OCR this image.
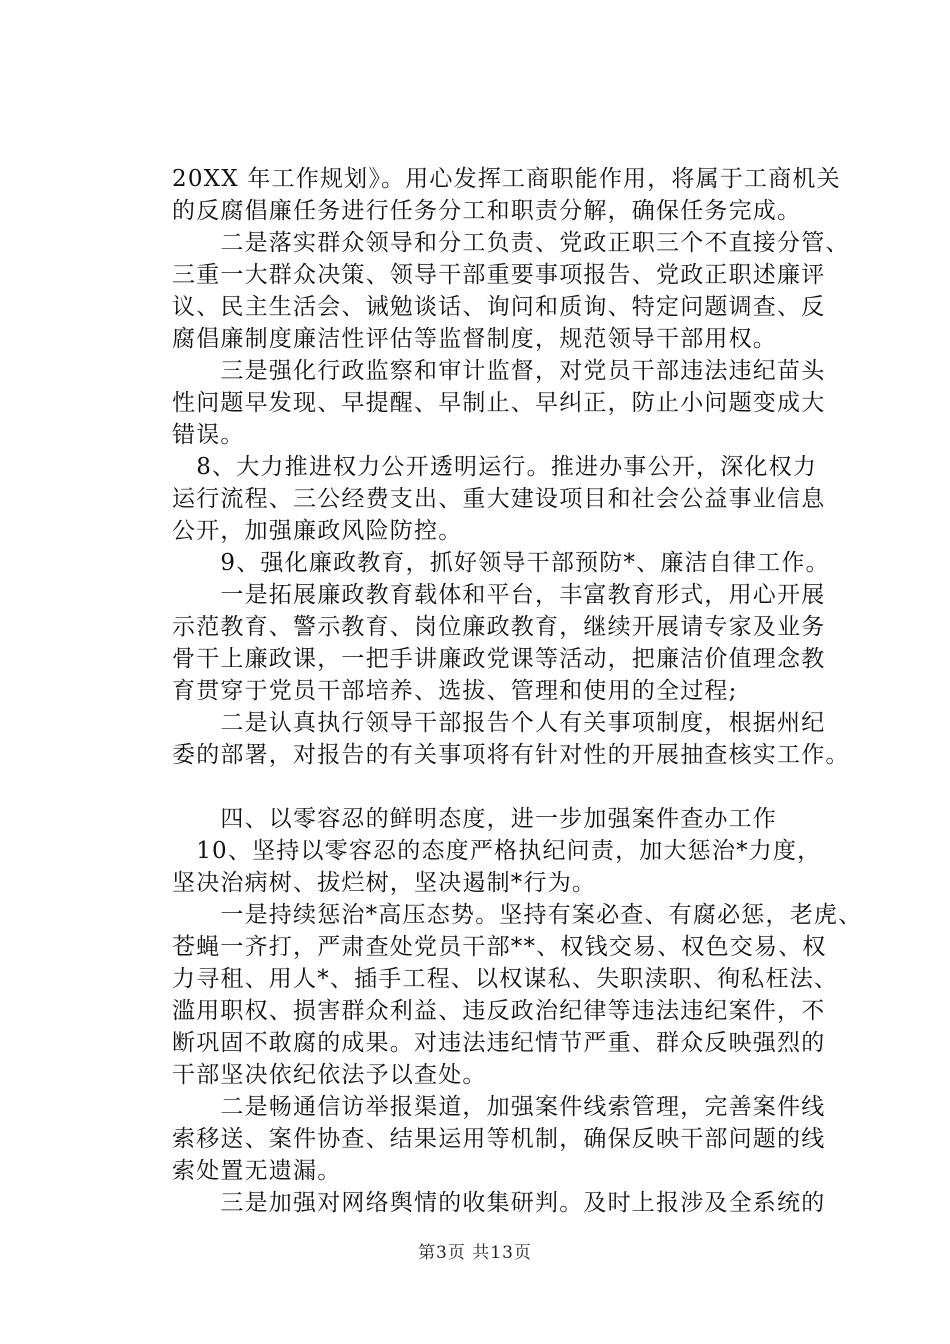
20XX 年工作规划》。用心发挥工商职能作用，将属于工商机关
的反腐倡廉任务进行任务分工和职责分解，确保任务完成。
　　二是落实群众领导和分工负责、党政正职三个不直接分管、
三重一大群众决策、领导干部重要事项报告、党政正职述廉评
议、民主生活会、诫勉谈话、询问和质询、特定问题调查、反
腐倡廉制度廉洁性评估等监督制度，规范领导干部用权。
　　三是强化行政监察和审计监督，对党员干部违法违纪苗头
性问题早发现、早提醒、早制止、早纠正，防止小问题变成大
错误。
　8、大力推进权力公开透明运行。推进办事公开，深化权力
运行流程、三公经费支出、重大建设项目和社会公益事业信息
公开，加强廉政风险防控。
　　9、强化廉政教育，抓好领导干部预防*、廉洁自律工作。
　　一是拓展廉政教育载体和平台，丰富教育形式，用心开展
示范教育、警示教育、岗位廉政教育，继续开展请专家及业务
骨干上廉政课，一把手讲廉政党课等活动，把廉洁价值理念教
育贯穿于党员干部培养、选拔、管理和使用的全过程;
　　二是认真执行领导干部报告个人有关事项制度，根据州纪
委的部署，对报告的有关事项将有针对性的开展抽查核实工作。
　　四、以零容忍的鲜明态度，进一步加强案件查办工作
　10、坚持以零容忍的态度严格执纪问责，加大惩治*力度，
坚决治病树、拔烂树，坚决遏制*行为。
　　一是持续惩治*高压态势。坚持有案必查、有腐必惩，老虎、
苍蝇一齐打，严肃查处党员干部**、权钱交易、权色交易、权
力寻租、用人*、插手工程、以权谋私、失职渎职、徇私枉法、
滥用职权、损害群众利益、违反政治纪律等违法违纪案件，不
断巩固不敢腐的成果。对违法违纪情节严重、群众反映强烈的
干部坚决依纪依法予以查处。
　　二是畅通信访举报渠道，加强案件线索管理，完善案件线
索移送、案件协查、结果运用等机制，确保反映干部问题的线
索处置无遗漏。
　　三是加强对网络舆情的收集研判。及时上报涉及全系统的
第3页 共13页
